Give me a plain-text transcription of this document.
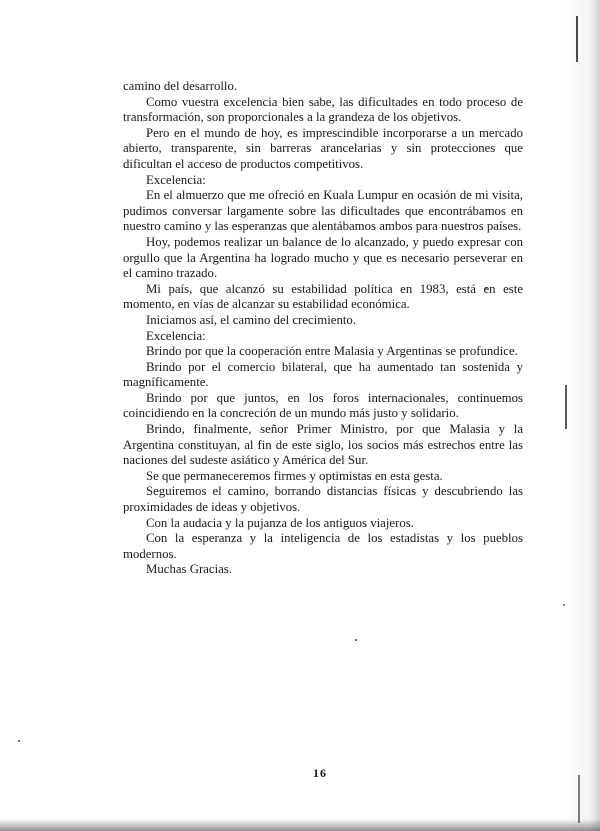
camino del desarrollo.

Como vuestra excelencia bien sabe, las dificultades en todo proceso de transformación, son proporcionales a la grandeza de los objetivos.

Pero en el mundo de hoy, es imprescindible incorporarse a un mercado abierto, transparente, sin barreras arancelarias y sin protecciones que dificultan el acceso de productos competitivos.

Excelencia:

En el almuerzo que me ofreció en Kuala Lumpur en ocasión de mi visita, pudimos conversar largamente sobre las dificultades que encontrábamos en nuestro camino y las esperanzas que alentábamos ambos para nuestros países.

Hoy, podemos realizar un balance de lo alcanzado, y puedo expresar con orgullo que la Argentina ha logrado mucho y que es necesario perseverar en el camino trazado.

Mi país, que alcanzó su estabilidad política en 1983, está en este momento, en vías de alcanzar su estabilidad económica.

Iniciamos así, el camino del crecimiento.

Excelencia:

Brindo por que la cooperación entre Malasia y Argentinas se profundice.

Brindo por el comercio bilateral, que ha aumentado tan sostenida y magníficamente.

Brindo por que juntos, en los foros internacionales, continuemos coincidiendo en la concreción de un mundo más justo y solidario.

Brindo, finalmente, señor Primer Ministro, por que Malasia y la Argentina constituyan, al fin de este siglo, los socios más estrechos entre las naciones del sudeste asiático y América del Sur.

Se que permaneceremos firmes y optimistas en esta gesta.

Seguiremos el camino, borrando distancias físicas y descubriendo las proximidades de ideas y objetivos.

Con la audacia y la pujanza de los antiguos viajeros.

Con la esperanza y la inteligencia de los estadistas y los pueblos modernos.

Muchas Gracias.

16
